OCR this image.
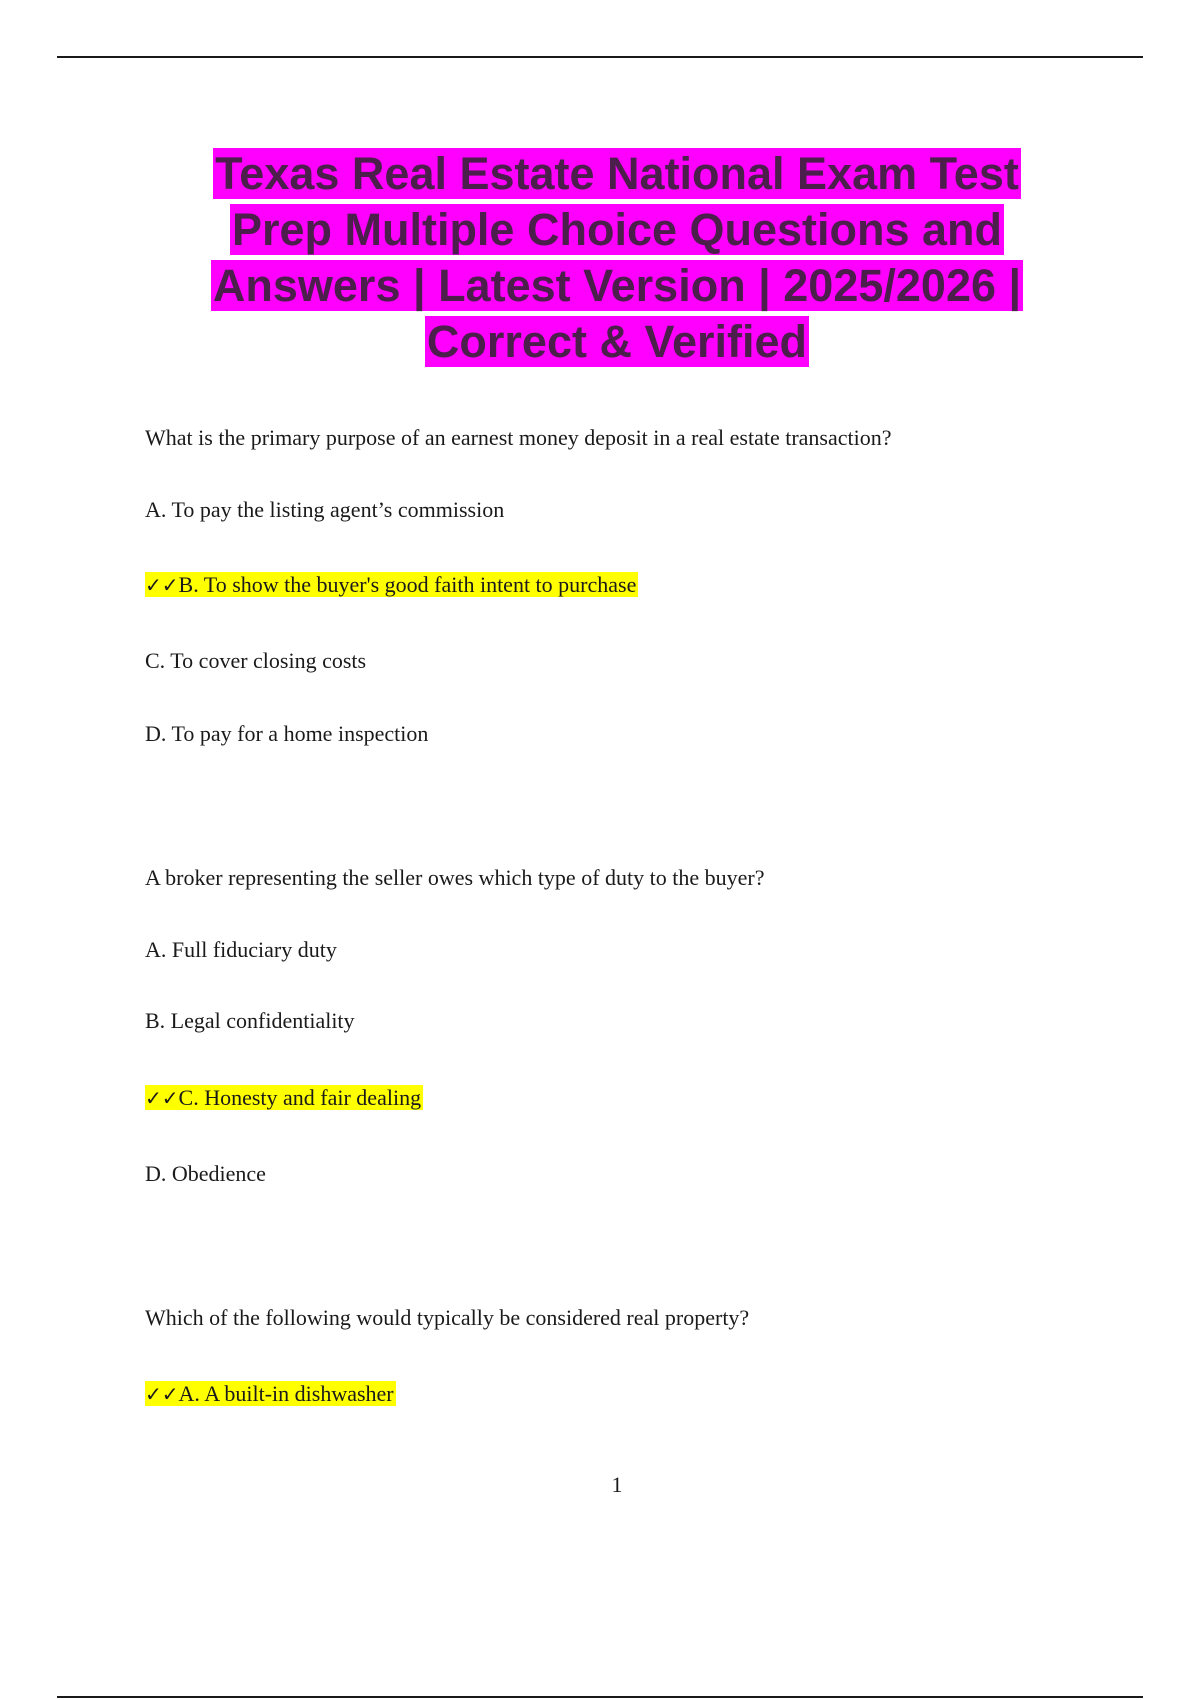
Texas Real Estate National Exam Test
Prep Multiple Choice Questions and
Answers | Latest Version | 2025/2026 |
Correct & Verified
What is the primary purpose of an earnest money deposit in a real estate transaction?
A. To pay the listing agent’s commission
✓✓B. To show the buyer's good faith intent to purchase
C. To cover closing costs
D. To pay for a home inspection
A broker representing the seller owes which type of duty to the buyer?
A. Full fiduciary duty
B. Legal confidentiality
✓✓C. Honesty and fair dealing
D. Obedience
Which of the following would typically be considered real property?
✓✓A. A built-in dishwasher
1
